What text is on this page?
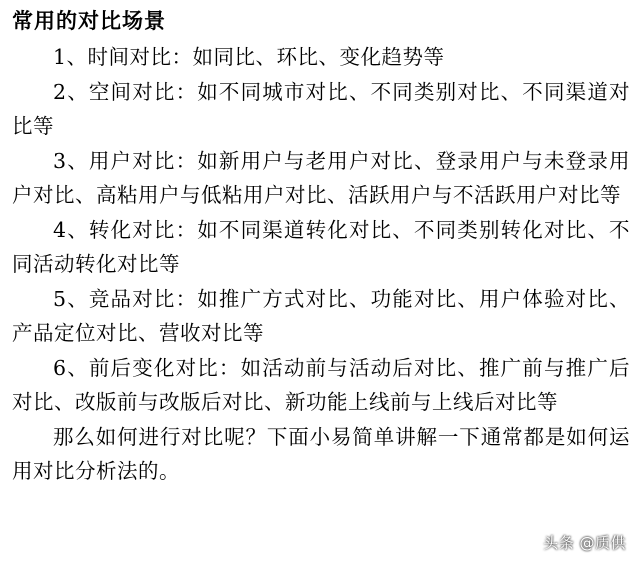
常用的对比场景

1、时间对比：如同比、环比、变化趋势等

2、空间对比：如不同城市对比、不同类别对比、不同渠道对比等

3、用户对比：如新用户与老用户对比、登录用户与未登录用户对比、高粘用户与低粘用户对比、活跃用户与不活跃用户对比等

4、转化对比：如不同渠道转化对比、不同类别转化对比、不同活动转化对比等

5、竞品对比：如推广方式对比、功能对比、用户体验对比、产品定位对比、营收对比等

6、前后变化对比：如活动前与活动后对比、推广前与推广后对比、改版前与改版后对比、新功能上线前与上线后对比等

那么如何进行对比呢？下面小易简单讲解一下通常都是如何运用对比分析法的。

头条 @质供
